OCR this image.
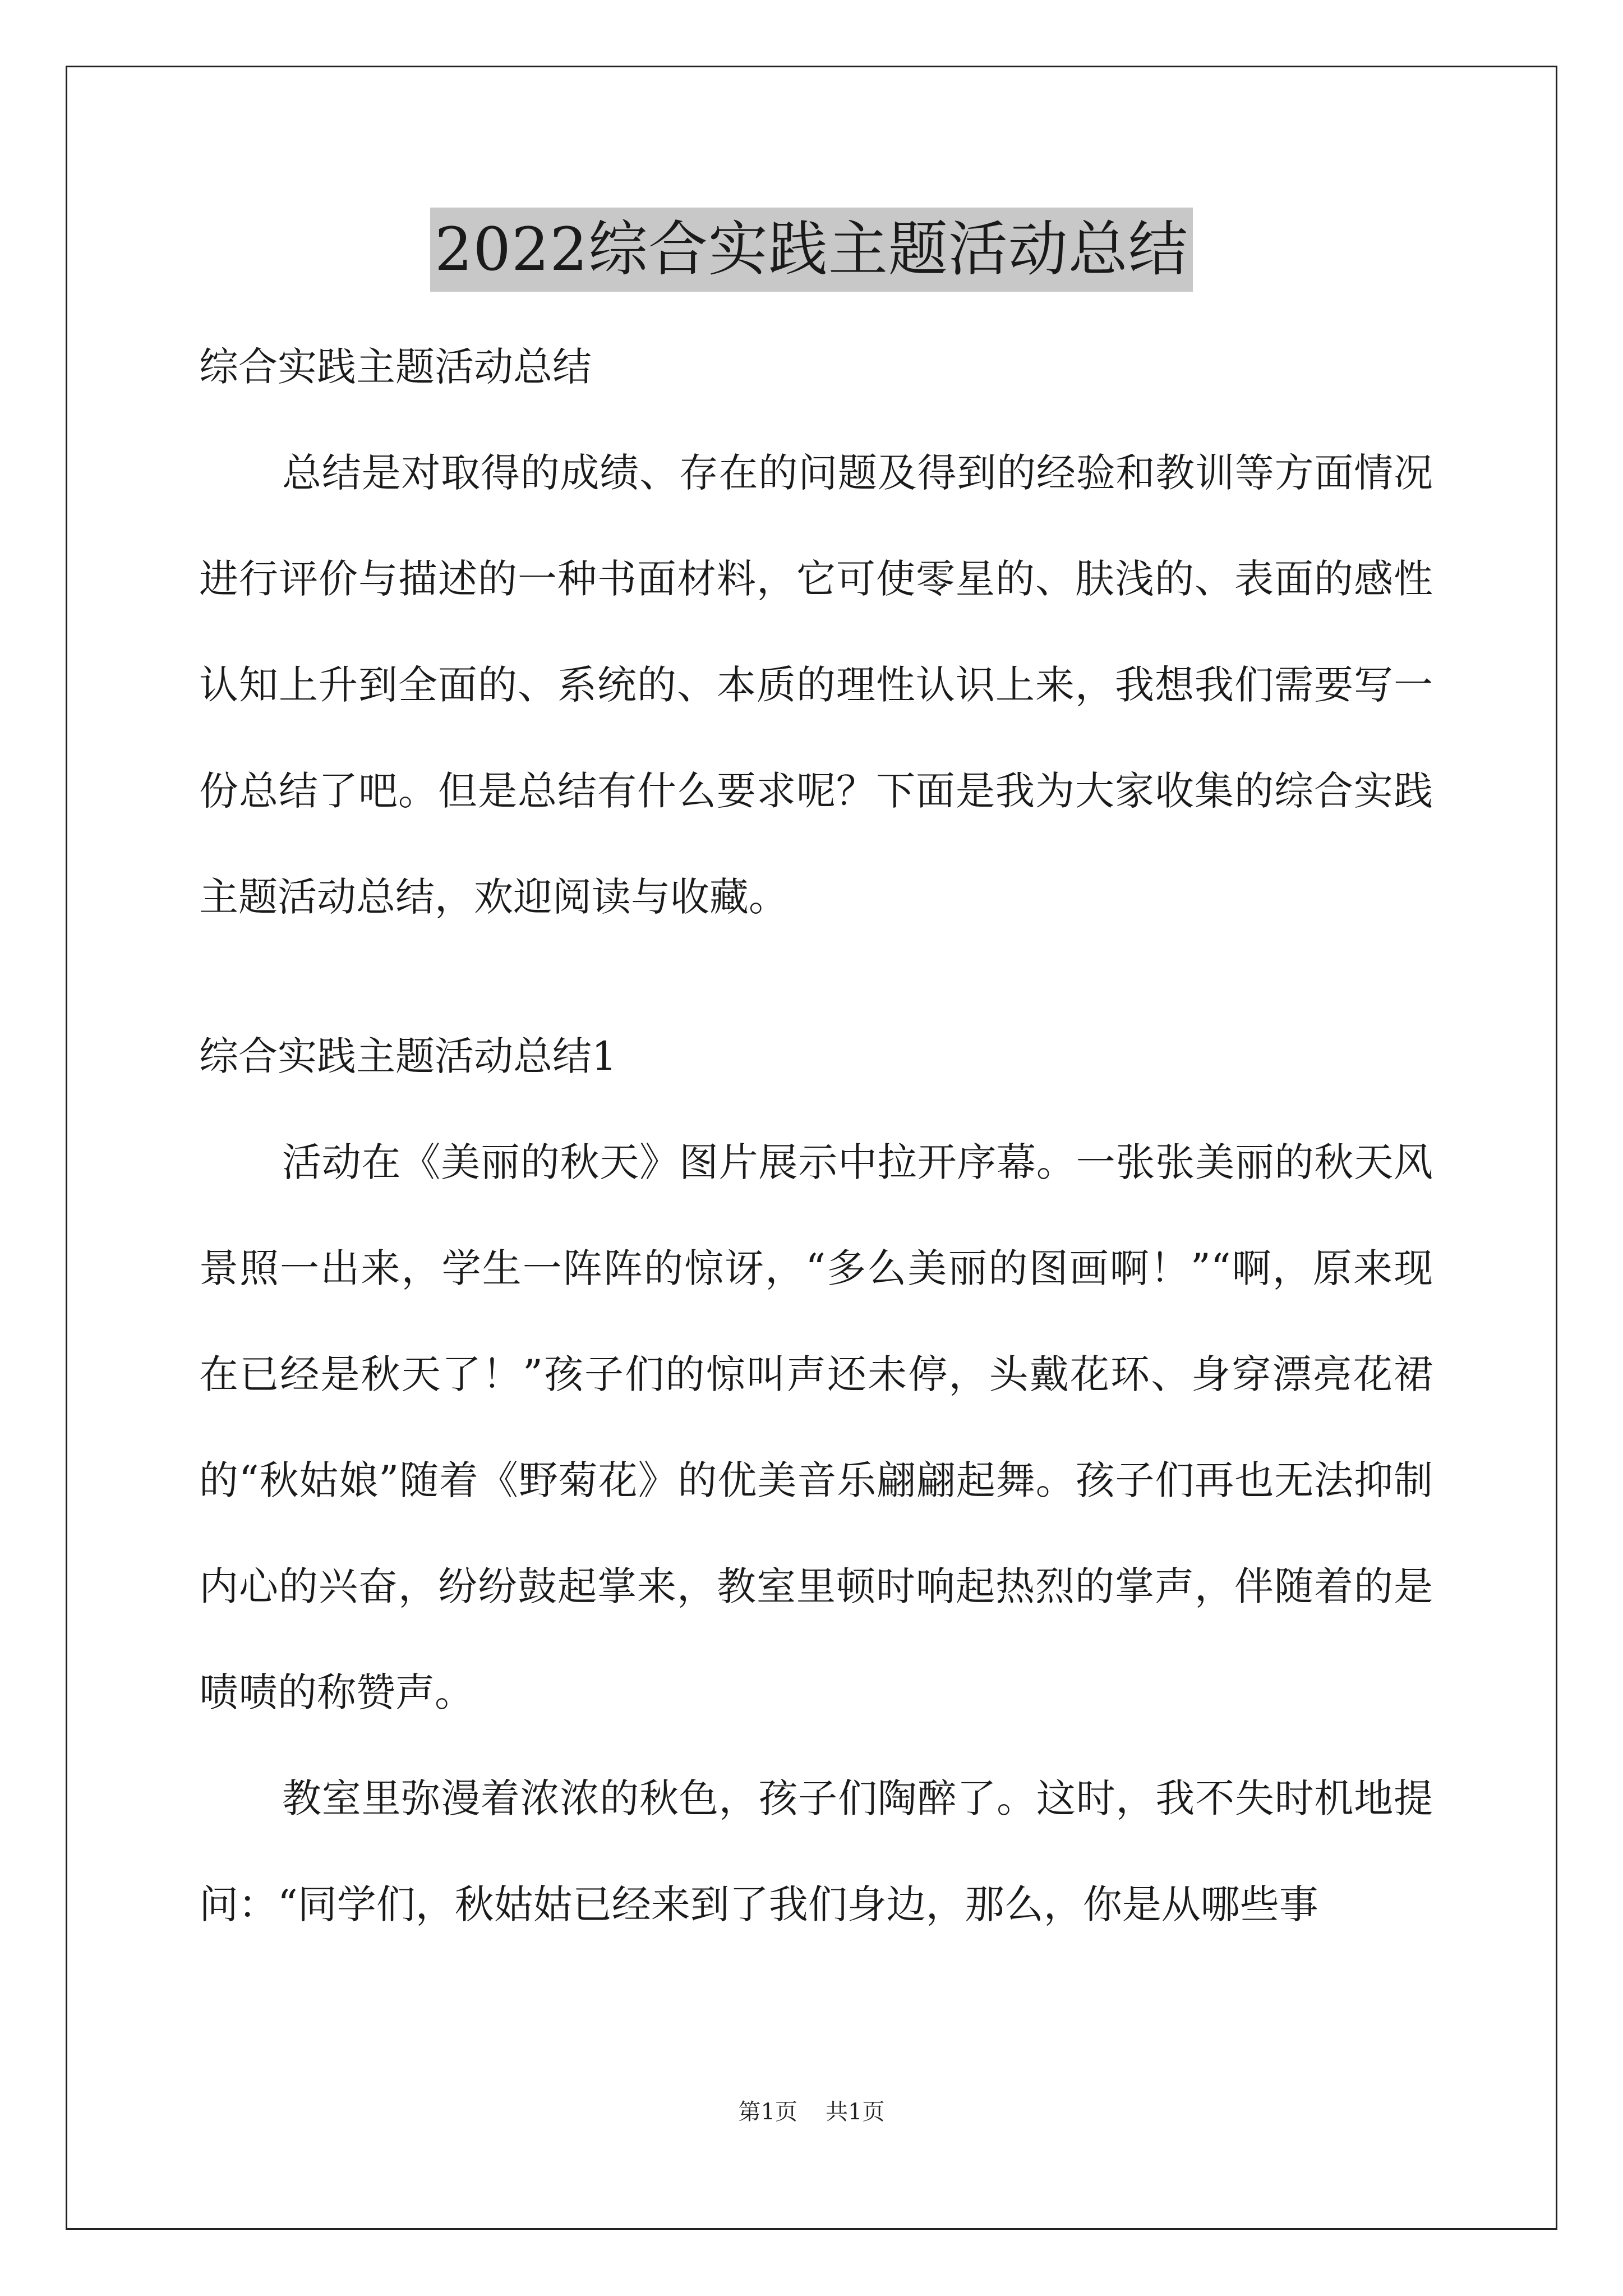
2022综合实践主题活动总结

综合实践主题活动总结

总结是对取得的成绩、存在的问题及得到的经验和教训等方面情况进行评价与描述的一种书面材料，它可使零星的、肤浅的、表面的感性认知上升到全面的、系统的、本质的理性认识上来，我想我们需要写一份总结了吧。但是总结有什么要求呢？下面是我为大家收集的综合实践主题活动总结，欢迎阅读与收藏。

综合实践主题活动总结1

活动在《美丽的秋天》图片展示中拉开序幕。一张张美丽的秋天风景照一出来，学生一阵阵的惊讶，“多么美丽的图画啊！”“啊，原来现在已经是秋天了！”孩子们的惊叫声还未停，头戴花环、身穿漂亮花裙的“秋姑娘”随着《野菊花》的优美音乐翩翩起舞。孩子们再也无法抑制内心的兴奋，纷纷鼓起掌来，教室里顿时响起热烈的掌声，伴随着的是啧啧的称赞声。

教室里弥漫着浓浓的秋色，孩子们陶醉了。这时，我不失时机地提问：“同学们，秋姑姑已经来到了我们身边，那么，你是从哪些事

第1页 共1页
